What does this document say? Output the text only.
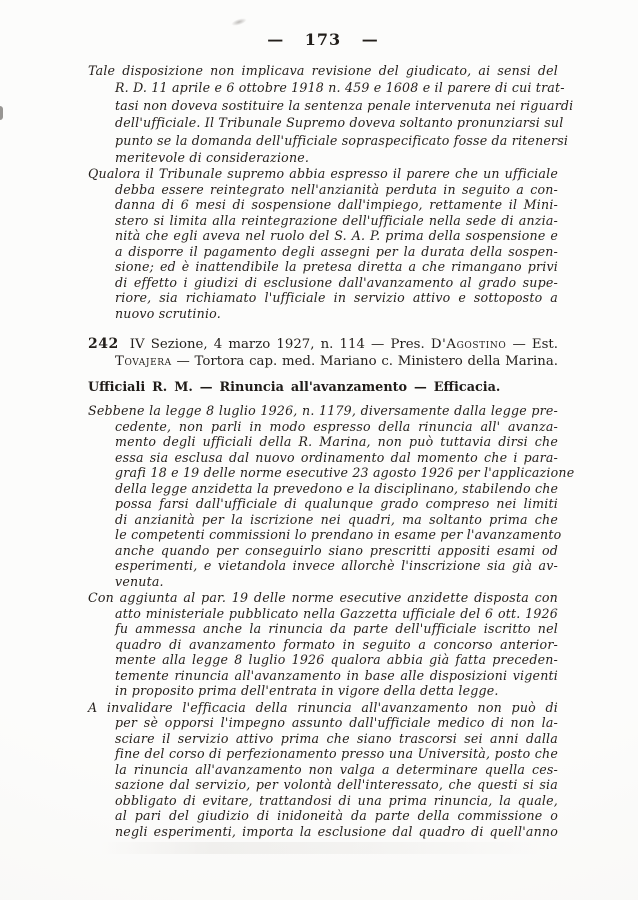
— 173 —
Tale disposizione non implicava revisione del giudicato, ai sensi del
R. D. 11 aprile e 6 ottobre 1918 n. 459 e 1608 e il parere di cui trat-
tasi non doveva sostituire la sentenza penale intervenuta nei riguardi
dell'ufficiale. Il Tribunale Supremo doveva soltanto pronunziarsi sul
punto se la domanda dell'ufficiale sopraspecificato fosse da ritenersi
meritevole di considerazione.
Qualora il Tribunale supremo abbia espresso il parere che un ufficiale
debba essere reintegrato nell'anzianità perduta in seguito a con-
danna di 6 mesi di sospensione dall'impiego, rettamente il Mini-
stero si limita alla reintegrazione dell'ufficiale nella sede di anzia-
nità che egli aveva nel ruolo del S. A. P. prima della sospensione e
a disporre il pagamento degli assegni per la durata della sospen-
sione; ed è inattendibile la pretesa diretta a che rimangano privi
di effetto i giudizi di esclusione dall'avanzamento al grado supe-
riore, sia richiamato l'ufficiale in servizio attivo e sottoposto a
nuovo scrutinio.
242 IV Sezione, 4 marzo 1927, n. 114 — Pres. D'Agostino — Est.
Tovajera — Tortora cap. med. Mariano c. Ministero della Marina.
Ufficiali R. M. — Rinuncia all'avanzamento — Efficacia.
Sebbene la legge 8 luglio 1926, n. 1179, diversamente dalla legge pre-
cedente, non parli in modo espresso della rinuncia all' avanza-
mento degli ufficiali della R. Marina, non può tuttavia dirsi che
essa sia esclusa dal nuovo ordinamento dal momento che i para-
grafi 18 e 19 delle norme esecutive 23 agosto 1926 per l'applicazione
della legge anzidetta la prevedono e la disciplinano, stabilendo che
possa farsi dall'ufficiale di qualunque grado compreso nei limiti
di anzianità per la iscrizione nei quadri, ma soltanto prima che
le competenti commissioni lo prendano in esame per l'avanzamento
anche quando per conseguirlo siano prescritti appositi esami od
esperimenti, e vietandola invece allorchè l'inscrizione sia già av-
venuta.
Con aggiunta al par. 19 delle norme esecutive anzidette disposta con
atto ministeriale pubblicato nella Gazzetta ufficiale del 6 ott. 1926
fu ammessa anche la rinuncia da parte dell'ufficiale iscritto nel
quadro di avanzamento formato in seguito a concorso anterior-
mente alla legge 8 luglio 1926 qualora abbia già fatta preceden-
temente rinuncia all'avanzamento in base alle disposizioni vigenti
in proposito prima dell'entrata in vigore della detta legge.
A invalidare l'efficacia della rinuncia all'avanzamento non può di
per sè opporsi l'impegno assunto dall'ufficiale medico di non la-
sciare il servizio attivo prima che siano trascorsi sei anni dalla
fine del corso di perfezionamento presso una Università, posto che
la rinuncia all'avanzamento non valga a determinare quella ces-
sazione dal servizio, per volontà dell'interessato, che questi si sia
obbligato di evitare, trattandosi di una prima rinuncia, la quale,
al pari del giudizio di inidoneità da parte della commissione o
negli esperimenti, importa la esclusione dal quadro di quell'anno
